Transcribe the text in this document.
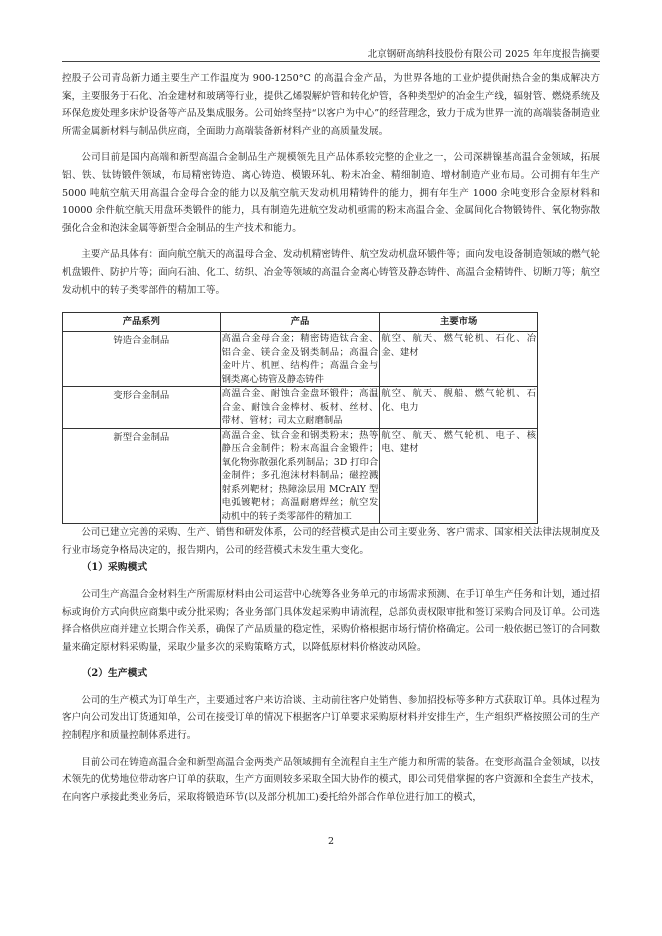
北京钢研高纳科技股份有限公司 2025 年年度报告摘要

控股子公司青岛新力通主要生产工作温度为 900-1250°C 的高温合金产品，为世界各地的工业炉提供耐热合金的集成解决方案，主要服务于石化、冶金建材和玻璃等行业，提供乙烯裂解炉管和转化炉管，各种类型炉的冶金生产线，辐射管、燃烧系统及环保危废处理多床炉设备等产品及集成服务。公司始终坚持“以客户为中心”的经营理念，致力于成为世界一流的高端装备制造业所需金属新材料与制品供应商，全面助力高端装备新材料产业的高质量发展。

公司目前是国内高端和新型高温合金制品生产规模领先且产品体系较完整的企业之一，公司深耕镍基高温合金领域，拓展铝、铁、钛铸锻件领域，布局精密铸造、离心铸造、模锻环轧、粉末冶金、精细制造、增材制造产业布局。公司拥有年生产 5000 吨航空航天用高温合金母合金的能力以及航空航天发动机用精铸件的能力，拥有年生产 1000 余吨变形合金原材料和 10000 余件航空航天用盘环类锻件的能力，具有制造先进航空发动机亟需的粉末高温合金、金属间化合物锻铸件、氧化物弥散强化合金和泡沫金属等新型合金制品的生产技术和能力。

主要产品具体有：面向航空航天的高温母合金、发动机精密铸件、航空发动机盘环锻件等；面向发电设备制造领域的燃气轮机盘锻件、防护片等；面向石油、化工、纺织、冶金等领域的高温合金离心铸管及静态铸件、高温合金精铸件、切断刀等；航空发动机中的转子类零部件的精加工等。

产品系列	产品	主要市场
铸造合金制品	高温合金母合金；精密铸造钛合金、铝合金、镁合金及钢类制品；高温合金叶片、机匣、结构件；高温合金与钢类离心铸管及静态铸件	航空、航天、燃气轮机、石化、冶金、建材
变形合金制品	高温合金、耐蚀合金盘环锻件；高温合金、耐蚀合金棒材、板材、丝材、带材、管材；司太立耐磨制品	航空、航天、舰船、燃气轮机、石化、电力
新型合金制品	高温合金、钛合金和钢类粉末；热等静压合金制件；粉末高温合金锻件；氧化物弥散强化系列制品；3D 打印合金制件；多孔泡沫材料制品；磁控溅射系列靶材；热障涂层用 MCrAlY 型电弧镀靶材；高温耐磨焊丝；航空发动机中的转子类零部件的精加工	航空、航天、燃气轮机、电子、核电、建材

公司已建立完善的采购、生产、销售和研发体系，公司的经营模式是由公司主要业务、客户需求、国家相关法律法规制度及行业市场竞争格局决定的，报告期内，公司的经营模式未发生重大变化。

（1）采购模式

公司生产高温合金材料生产所需原材料由公司运营中心统筹各业务单元的市场需求预测、在手订单生产任务和计划，通过招标或询价方式向供应商集中或分批采购；各业务部门具体发起采购申请流程，总部负责权限审批和签订采购合同及订单。公司选择合格供应商并建立长期合作关系，确保了产品质量的稳定性，采购价格根据市场行情价格确定。公司一般依据已签订的合同数量来确定原材料采购量，采取少量多次的采购策略方式，以降低原材料价格波动风险。

（2）生产模式

公司的生产模式为订单生产，主要通过客户来访洽谈、主动前往客户处销售、参加招投标等多种方式获取订单。具体过程为客户向公司发出订货通知单，公司在接受订单的情况下根据客户订单要求采购原材料并安排生产，生产组织严格按照公司的生产控制程序和质量控制体系进行。

目前公司在铸造高温合金和新型高温合金两类产品领域拥有全流程自主生产能力和所需的装备。在变形高温合金领域，以技术领先的优势地位带动客户订单的获取，生产方面则较多采取全国大协作的模式，即公司凭借掌握的客户资源和全套生产技术，在向客户承接此类业务后，采取将锻造环节(以及部分机加工)委托给外部合作单位进行加工的模式，

2
